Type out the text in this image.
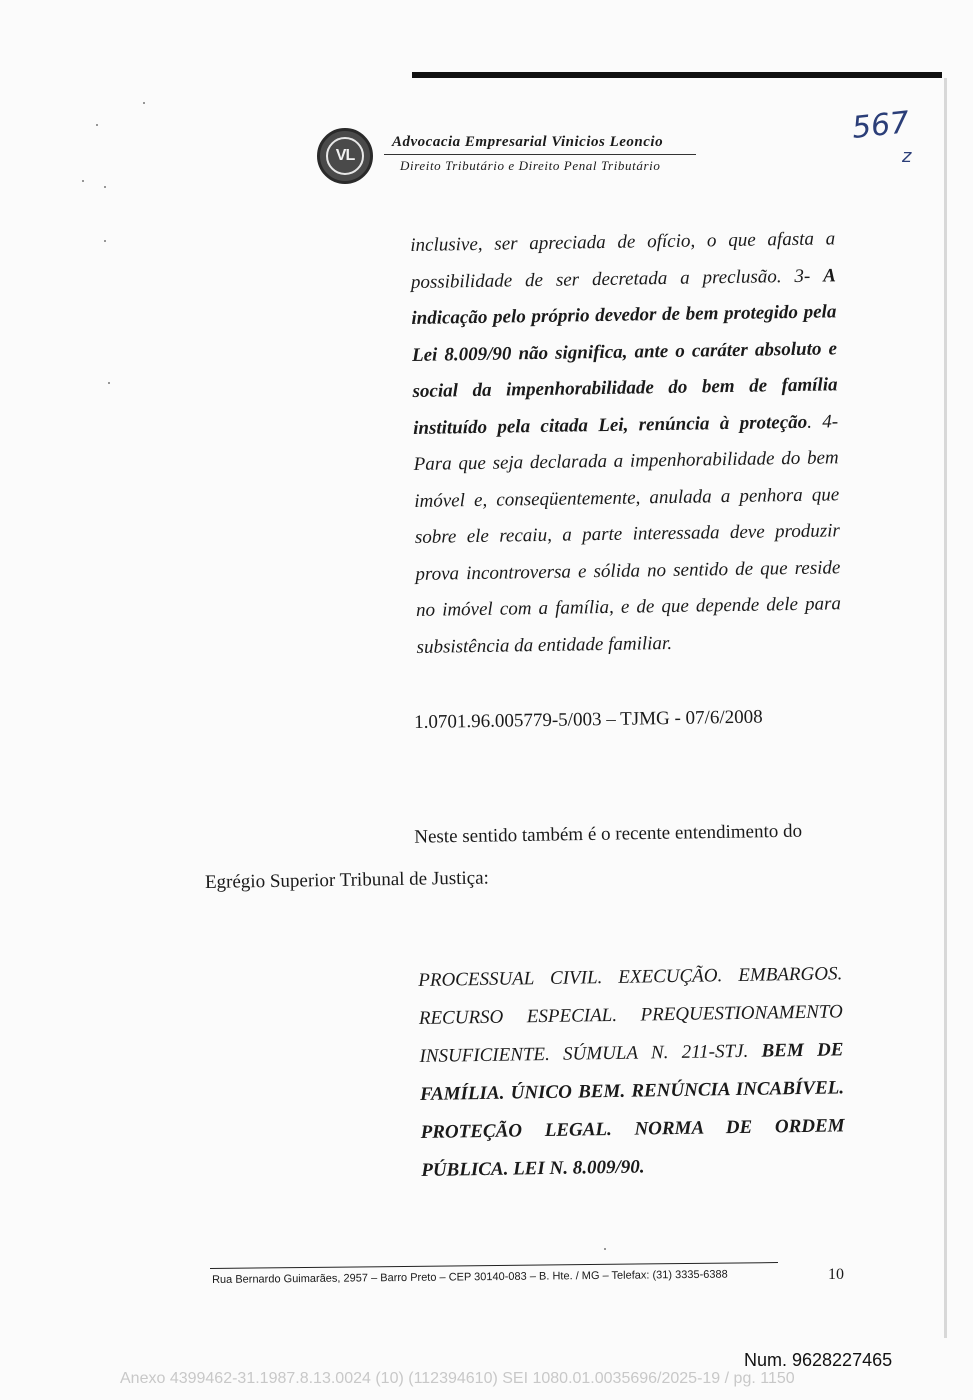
VL
Advocacia Empresarial Vinicios Leoncio
Direito Tributário e Direito Penal Tributário
567
z
inclusive, ser apreciada de ofício, o que afasta a possibilidade de ser decretada a preclusão. 3- A indicação pelo próprio devedor de bem protegido pela Lei 8.009/90 não significa, ante o caráter absoluto e social da impenhorabilidade do bem de família instituído pela citada Lei, renúncia à proteção. 4- Para que seja declarada a impenhorabilidade do bem imóvel e, conseqüentemente, anulada a penhora que sobre ele recaiu, a parte interessada deve produzir prova incontroversa e sólida no sentido de que reside no imóvel com a família, e de que depende dele para subsistência da entidade familiar.
1.0701.96.005779-5/003 – TJMG - 07/6/2008
Neste sentido também é o recente entendimento do Egrégio Superior Tribunal de Justiça:
PROCESSUAL CIVIL. EXECUÇÃO. EMBARGOS. RECURSO ESPECIAL. PREQUESTIONAMENTO INSUFICIENTE. SÚMULA N. 211-STJ. BEM DE FAMÍLIA. ÚNICO BEM. RENÚNCIA INCABÍVEL. PROTEÇÃO LEGAL. NORMA DE ORDEM PÚBLICA. LEI N. 8.009/90.
Rua Bernardo Guimarães, 2957 – Barro Preto – CEP 30140-083 – B. Hte. / MG – Telefax: (31) 3335-6388	10
Num. 9628227465
Anexo 4399462-31.1987.8.13.0024 (10) (112394610) SEI 1080.01.0035696/2025-19 / pg. 1150
